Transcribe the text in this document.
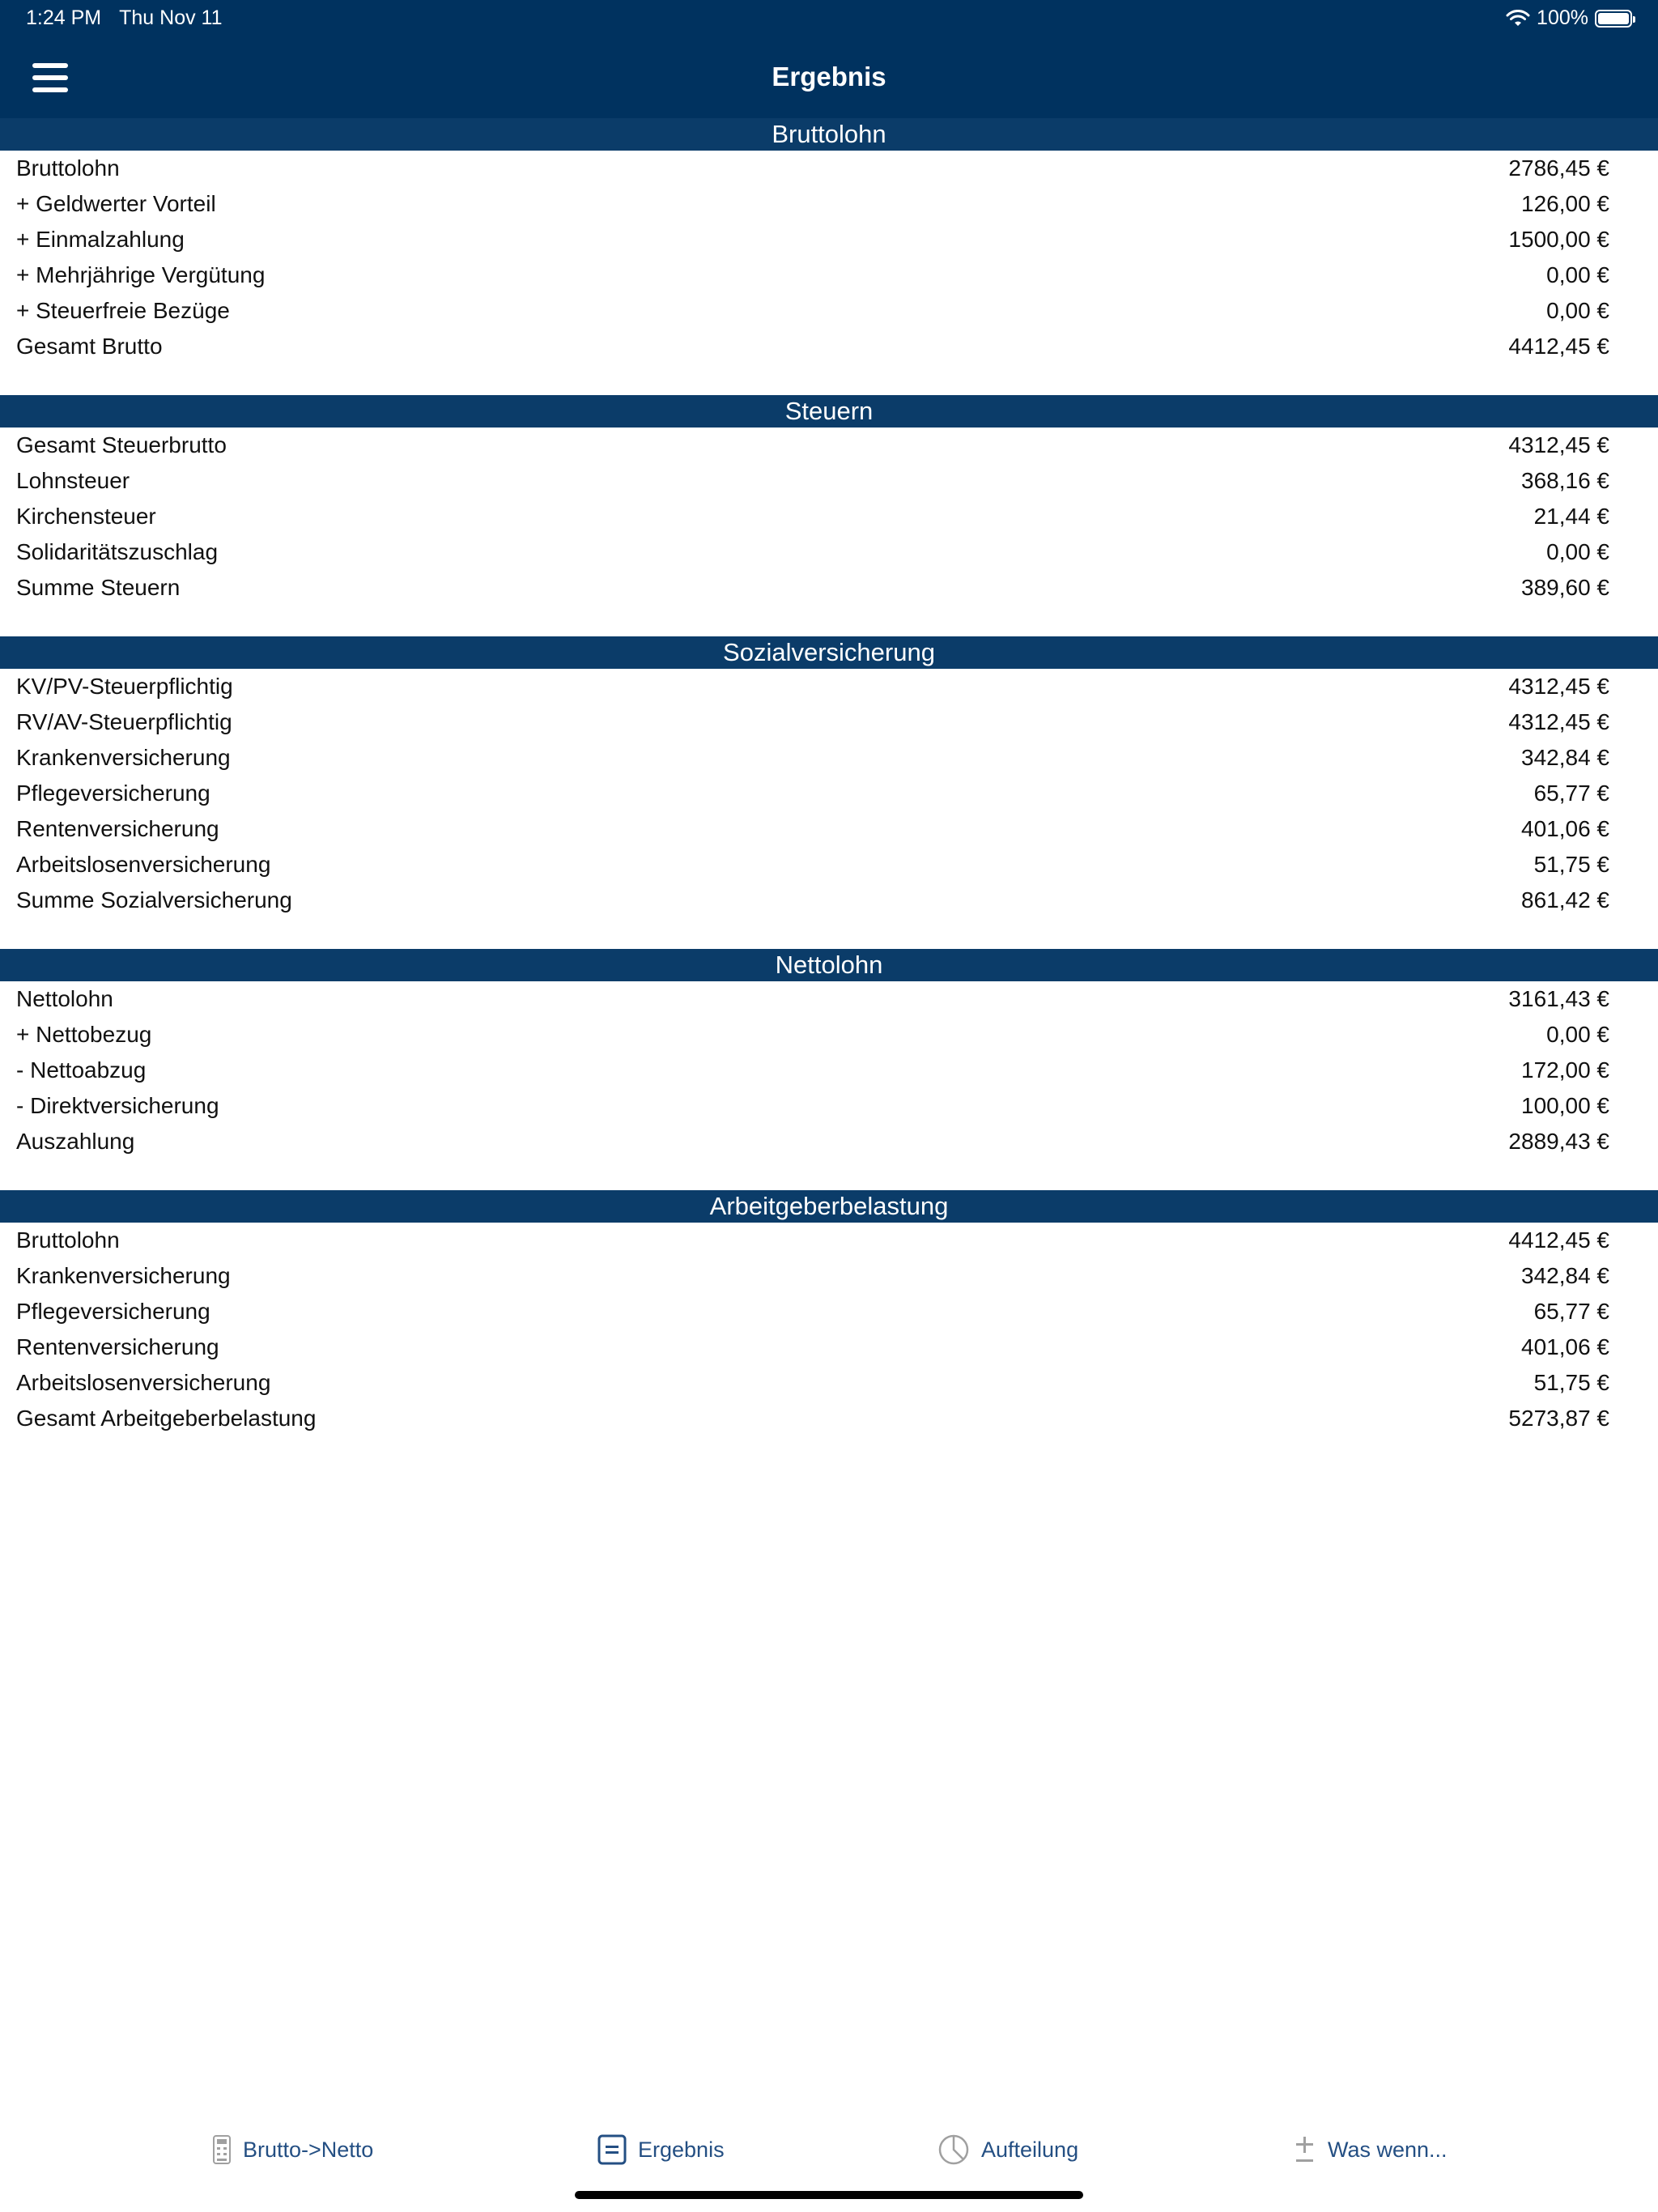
1:24 PM Thu Nov 11	100%
Ergebnis
Bruttolohn
Bruttolohn	2786,45 €
+ Geldwerter Vorteil	126,00 €
+ Einmalzahlung	1500,00 €
+ Mehrjährige Vergütung	0,00 €
+ Steuerfreie Bezüge	0,00 €
Gesamt Brutto	4412,45 €
Steuern
Gesamt Steuerbrutto	4312,45 €
Lohnsteuer	368,16 €
Kirchensteuer	21,44 €
Solidaritätszuschlag	0,00 €
Summe Steuern	389,60 €
Sozialversicherung
KV/PV-Steuerpflichtig	4312,45 €
RV/AV-Steuerpflichtig	4312,45 €
Krankenversicherung	342,84 €
Pflegeversicherung	65,77 €
Rentenversicherung	401,06 €
Arbeitslosenversicherung	51,75 €
Summe Sozialversicherung	861,42 €
Nettolohn
Nettolohn	3161,43 €
+ Nettobezug	0,00 €
- Nettoabzug	172,00 €
- Direktversicherung	100,00 €
Auszahlung	2889,43 €
Arbeitgeberbelastung
Bruttolohn	4412,45 €
Krankenversicherung	342,84 €
Pflegeversicherung	65,77 €
Rentenversicherung	401,06 €
Arbeitslosenversicherung	51,75 €
Gesamt Arbeitgeberbelastung	5273,87 €
Brutto->Netto	Ergebnis	Aufteilung	Was wenn...
